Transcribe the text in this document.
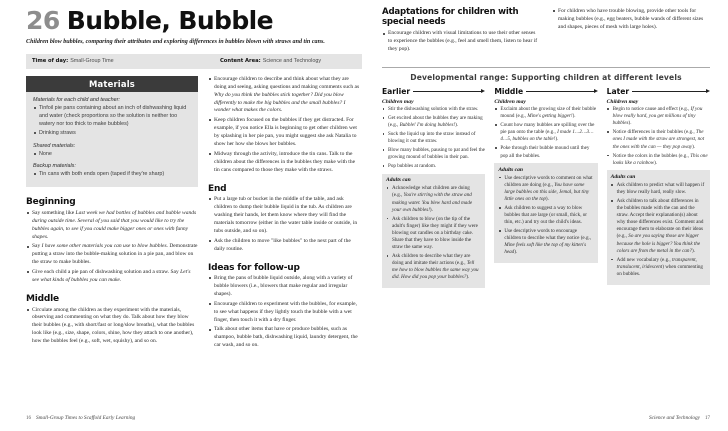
26 Bubble, Bubble
Children blow bubbles, comparing their attributes and exploring differences in bubbles blown with straws and tin cans.
Time of day: Small-Group Time	Content Area: Science and Technology
Materials

Materials for each child and teacher:

Tinfoil pie pans containing about an inch of dishwashing liquid and water (check proportions so the solution is neither too watery nor too thick to make bubbles)
Drinking straws

Shared materials:

None

Backup materials:

Tin cans with both ends open (taped if they're sharp)
Beginning
Say something like Last week we had bottles of bubbles and bubble wands during outside time. Several of you said that you would like to try the bubbles again, to see if you could make bigger ones or ones with funny shapes.
Say I have some other materials you can use to blow bubbles. Demonstrate putting a straw into the bubble-making solution in a pie pan, and blow on the straw to make bubbles.
Give each child a pie pan of dishwashing solution and a straw. Say Let's see what kinds of bubbles you can make.
Middle
Circulate among the children as they experiment with the materials, observing and commenting on what they do. Talk about how they blow their bubbles (e.g., with short/fast or long/slow breaths), what the bubbles look like (e.g., size, shape, colors, shine, how they attach to one another), how the bubbles feel (e.g., soft, wet, squishy), and so on.
Encourage children to describe and think about what they are doing and seeing, asking questions and making comments such as Why do you think the bubbles stick together? Did you blow differently to make the big bubbles and the small bubbles? I wonder what makes the colors.
Keep children focused on the bubbles if they get distracted. For example, if you notice Ella is beginning to get other children wet by splashing in her pie pan, you might suggest she ask Natalia to show her how she blows her bubbles.
Midway through the activity, introduce the tin cans. Talk to the children about the differences in the bubbles they make with the tin cans compared to those they make with the straws.
End
Put a large tub or bucket in the middle of the table, and ask children to dump their bubble liquid in the tub. As children are washing their hands, let them know where they will find the materials tomorrow (either in the water table inside or outside, in tubs outside, and so on).
Ask the children to move "like bubbles" to the next part of the daily routine.
Ideas for follow-up
Bring the pans of bubble liquid outside, along with a variety of bubble blowers (i.e., blowers that make regular and irregular shapes).
Encourage children to experiment with the bubbles, for example, to see what happens if they lightly touch the bubble with a wet finger, then touch it with a dry finger.
Talk about other items that have or produce bubbles, such as shampoo, bubble bath, dishwashing liquid, laundry detergent, the car wash, and so on.
16 Small-Group Times to Scaffold Early Learning
Adaptations for children with special needs
Encourage children with visual limitations to use their other senses to experience the bubbles (e.g., feel and smell them, listen to hear if they pop).
For children who have trouble blowing, provide other tools for making bubbles (e.g., egg beaters, bubble wands of different sizes and shapes, pieces of mesh with large holes).
Developmental range: Supporting children at different levels
Earlier

Children may

Stir the dishwashing solution with the straw.
Get excited about the bubbles they are making (e.g., Bubble! I'm doing bubbles!).
Suck the liquid up into the straw instead of blowing it out the straw.
Blow many bubbles, pausing to pat and feel the growing mound of bubbles in their pan.
Pop bubbles at random.

Adults can

Acknowledge what children are doing (e.g., You're stirring with the straw and making water. You blew hard and made your own bubbles!).
Ask children to blow (on the tip of the adult's finger) like they might if they were blowing out candles on a birthday cake. Share that they have to blow inside the straw the same way.
Ask children to describe what they are doing and imitate their actions (e.g., Tell me how to blow bubbles the same way you did. How did you pop your bubbles?).
Middle

Children may

Exclaim about the growing size of their bubble mound (e.g., Mine's getting bigger!).
Count how many bubbles are spilling over the pie pan onto the table (e.g., I made 1…2…3…4…5, bubbles on the table!).
Poke through their bubble mound until they pop all the bubbles.

Adults can

Use descriptive words to comment on what children are doing (e.g., You have some large bubbles on this side, Jemal, but tiny little ones on the top).
Ask children to suggest a way to blow bubbles that are large (or small, thick, or thin, etc.) and try out the child's ideas.
Use descriptive words to encourage children to describe what they notice (e.g., Mine feels soft like the top of my kitten's head).
Later

Children may

Begin to notice cause and effect (e.g., If you blow really hard, you get millions of tiny bubbles).
Notice differences in their bubbles (e.g., The ones I made with the straw are strongest, not the ones with the can — they pop away).
Notice the colors in the bubbles (e.g., This one looks like a rainbow).

Adults can

Ask children to predict what will happen if they blow really hard, really slow.
Ask children to talk about differences in the bubbles made with the can and the straw. Accept their explanation(s) about why those differences exist. Comment and encourage them to elaborate on their ideas (e.g., So are you saying those are bigger because the hole is bigger? You think the colors are from the metal in the can?).
Add new vocabulary (e.g., transparent, translucent, iridescent) when commenting on bubbles.
Science and Technology 17
